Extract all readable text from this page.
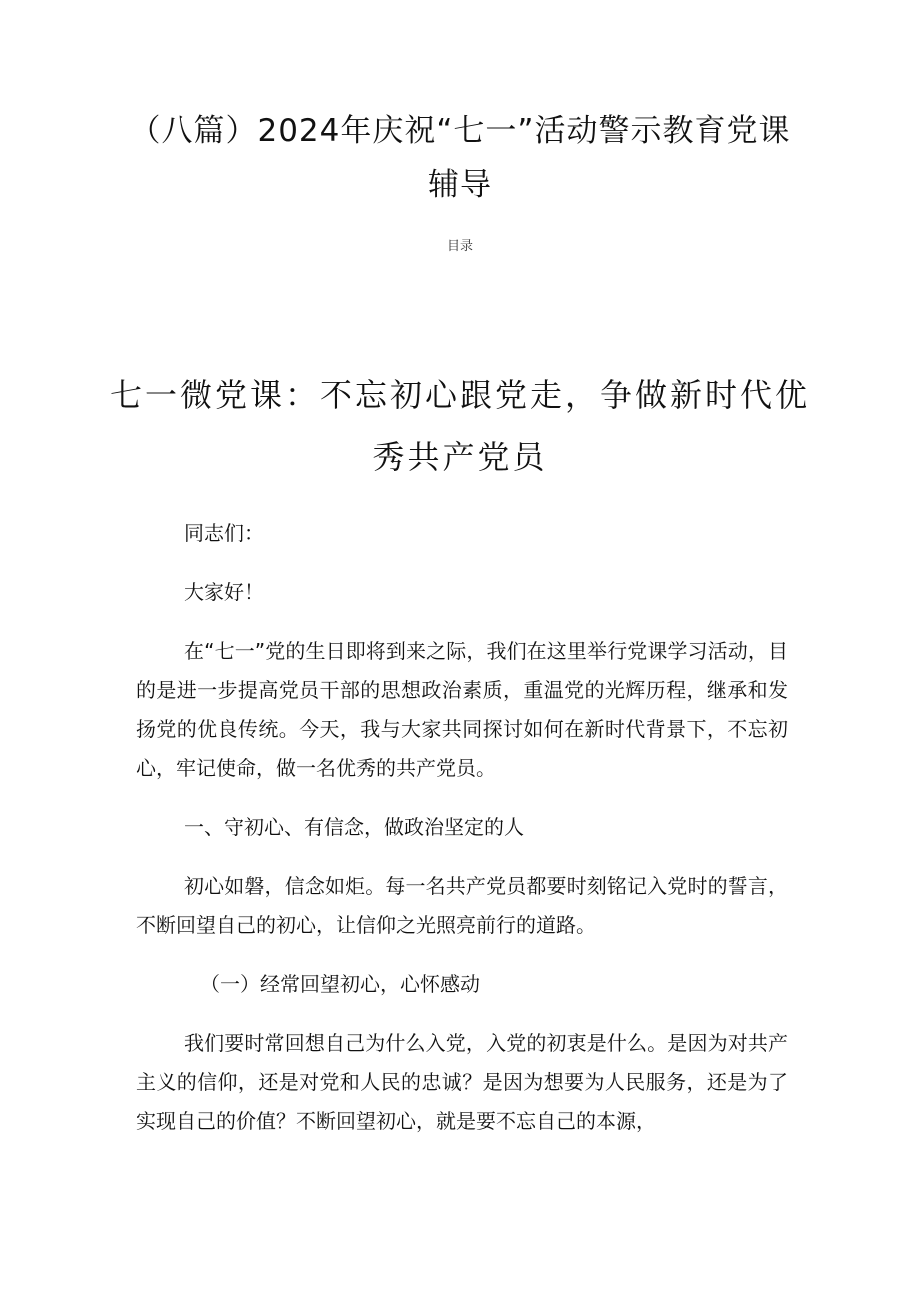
（八篇）2024年庆祝“七一”活动警示教育党课辅导
目录
七一微党课：不忘初心跟党走，争做新时代优秀共产党员

同志们：

大家好！

在“七一”党的生日即将到来之际，我们在这里举行党课学习活动，目的是进一步提高党员干部的思想政治素质，重温党的光辉历程，继承和发扬党的优良传统。今天，我与大家共同探讨如何在新时代背景下，不忘初心，牢记使命，做一名优秀的共产党员。

一、守初心、有信念，做政治坚定的人

初心如磐，信念如炬。每一名共产党员都要时刻铭记入党时的誓言，不断回望自己的初心，让信仰之光照亮前行的道路。

（一）经常回望初心，心怀感动

我们要时常回想自己为什么入党，入党的初衷是什么。是因为对共产主义的信仰，还是对党和人民的忠诚？是因为想要为人民服务，还是为了实现自己的价值？不断回望初心，就是要不忘自己的本源，
